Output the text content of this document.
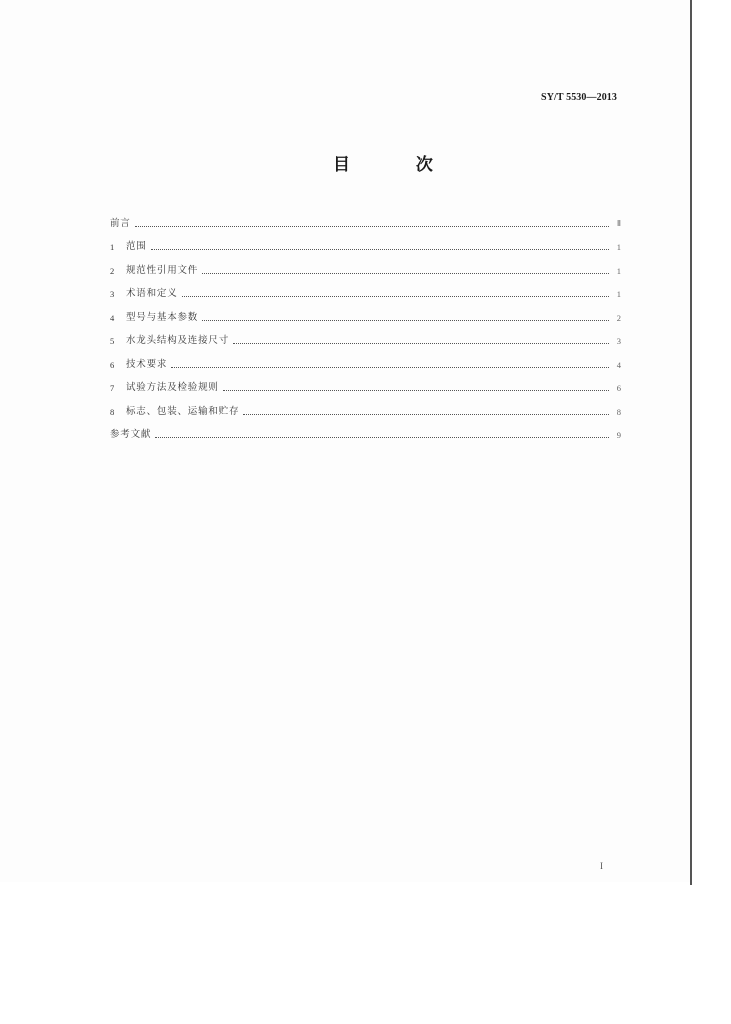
SY/T 5530—2013
目 次
前言	Ⅱ
1	范围	1
2	规范性引用文件	1
3	术语和定义	1
4	型号与基本参数	2
5	水龙头结构及连接尺寸	3
6	技术要求	4
7	试验方法及检验规则	6
8	标志、包装、运输和贮存	8
参考文献	9
I
